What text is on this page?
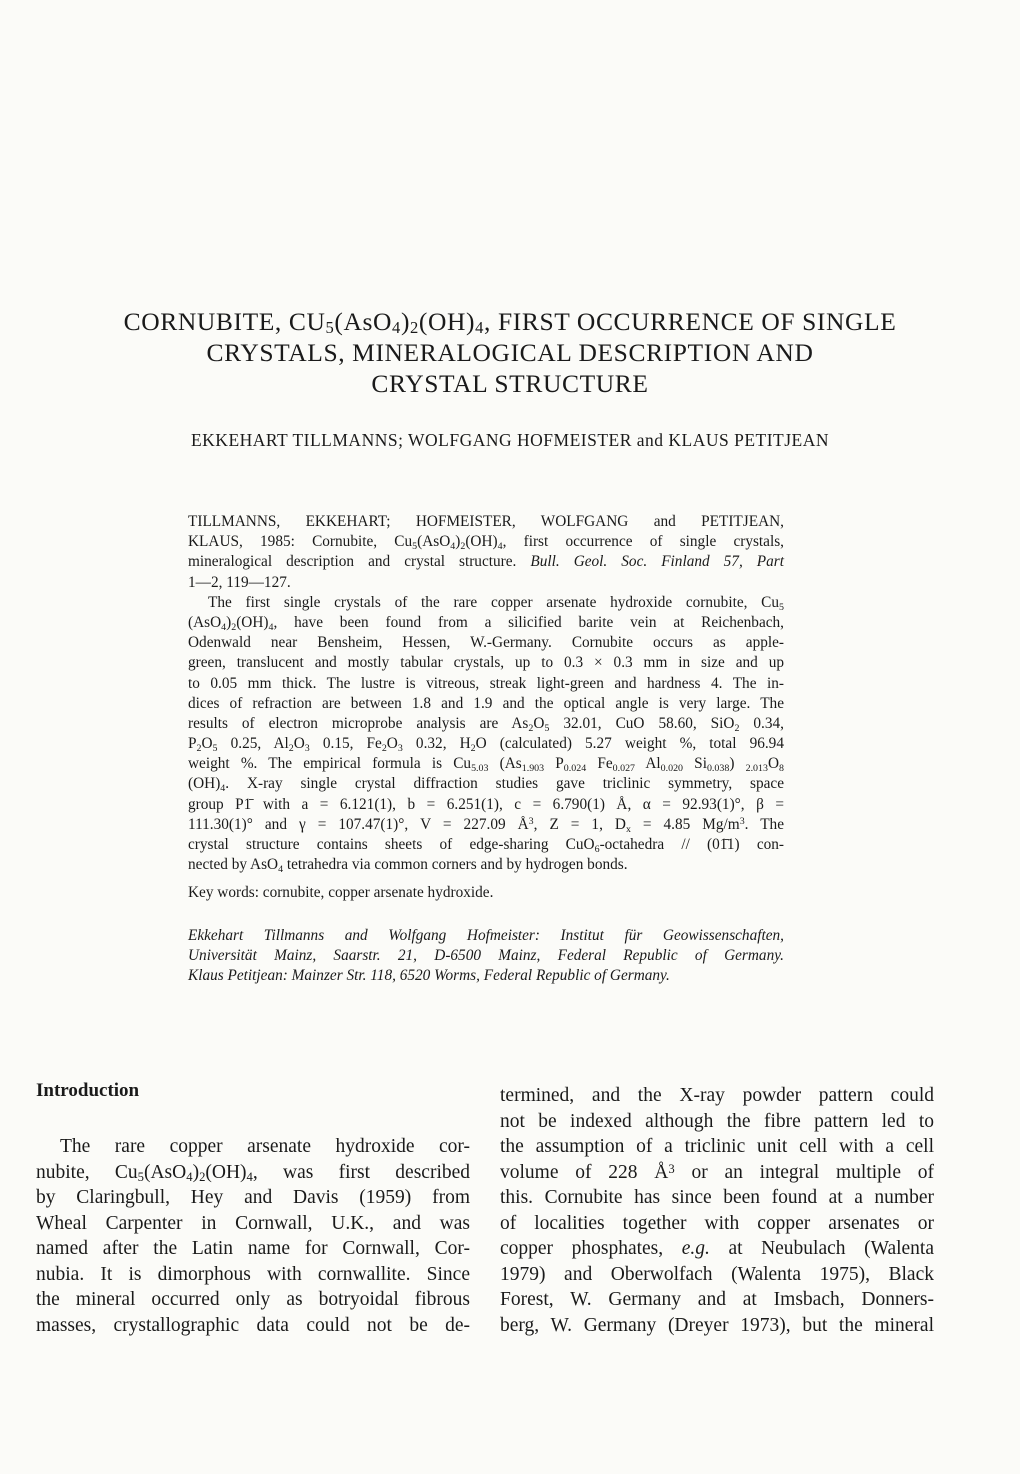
CORNUBITE, $CU_5(AsO_4)_2(OH)_4$, FIRST OCCURRENCE OF SINGLE
CRYSTALS, MINERALOGICAL DESCRIPTION AND
CRYSTAL STRUCTURE
EKKEHART TILLMANNS; WOLFGANG HOFMEISTER and KLAUS PETITJEAN
TILLMANNS, EKKEHART; HOFMEISTER, WOLFGANG and PETITJEAN,
KLAUS, 1985: Cornubite, $Cu_5(AsO_4)_2(OH)_4$, first occurrence of single crystals,
mineralogical description and crystal structure. Bull. Geol. Soc. Finland 57, Part
1—2, 119—127.
The first single crystals of the rare copper arsenate hydroxide cornubite, $Cu_5$
$(AsO_4)_2(OH)_4$, have been found from a silicified barite vein at Reichenbach,
Odenwald near Bensheim, Hessen, W.-Germany. Cornubite occurs as apple-
green, translucent and mostly tabular crystals, up to 0.3 × 0.3 mm in size and up
to 0.05 mm thick. The lustre is vitreous, streak light-green and hardness 4. The in-
dices of refraction are between 1.8 and 1.9 and the optical angle is very large. The
results of electron microprobe analysis are $As_2O_5$ 32.01, CuO 58.60, SiO$_2$ 0.34,
$P_2O_5$ 0.25, $Al_2O_3$ 0.15, $Fe_2O_3$ 0.32, $H_2O$ (calculated) 5.27 weight %, total 96.94
weight %. The empirical formula is $Cu_{5.03}$ ($As_{1.903}$ $P_{0.024}$ $Fe_{0.027}$ $Al_{0.020}$ $Si_{0.038}$) $_{2.013}O_8$
$(OH)_4$. X-ray single crystal diffraction studies gave triclinic symmetry, space
group P1̄ with a = 6.121(1), b = 6.251(1), c = 6.790(1) Å, α = 92.93(1)°, β =
111.30(1)° and γ = 107.47(1)°, V = 227.09 $Å^3$, Z = 1, $D_x = 4.85$ $Mg/m^3$. The
crystal structure contains sheets of edge-sharing CuO$_6$-octahedra // (01̄1) con-
nected by AsO$_4$ tetrahedra via common corners and by hydrogen bonds.
Key words: cornubite, copper arsenate hydroxide.
Ekkehart Tillmanns and Wolfgang Hofmeister: Institut für Geowissenschaften,
Universität Mainz, Saarstr. 21, D-6500 Mainz, Federal Republic of Germany.
Klaus Petitjean: Mainzer Str. 118, 6520 Worms, Federal Republic of Germany.
Introduction
The rare copper arsenate hydroxide cor-
nubite, $Cu_5(AsO_4)_2(OH)_4$, was first described
by Claringbull, Hey and Davis (1959) from
Wheal Carpenter in Cornwall, U.K., and was
named after the Latin name for Cornwall, Cor-
nubia. It is dimorphous with cornwallite. Since
the mineral occurred only as botryoidal fibrous
masses, crystallographic data could not be de-
termined, and the X-ray powder pattern could
not be indexed although the fibre pattern led to
the assumption of a triclinic unit cell with a cell
volume of 228 $Å^3$ or an integral multiple of
this. Cornubite has since been found at a number
of localities together with copper arsenates or
copper phosphates, e.g. at Neubulach (Walenta
1979) and Oberwolfach (Walenta 1975), Black
Forest, W. Germany and at Imsbach, Donners-
berg, W. Germany (Dreyer 1973), but the mineral
